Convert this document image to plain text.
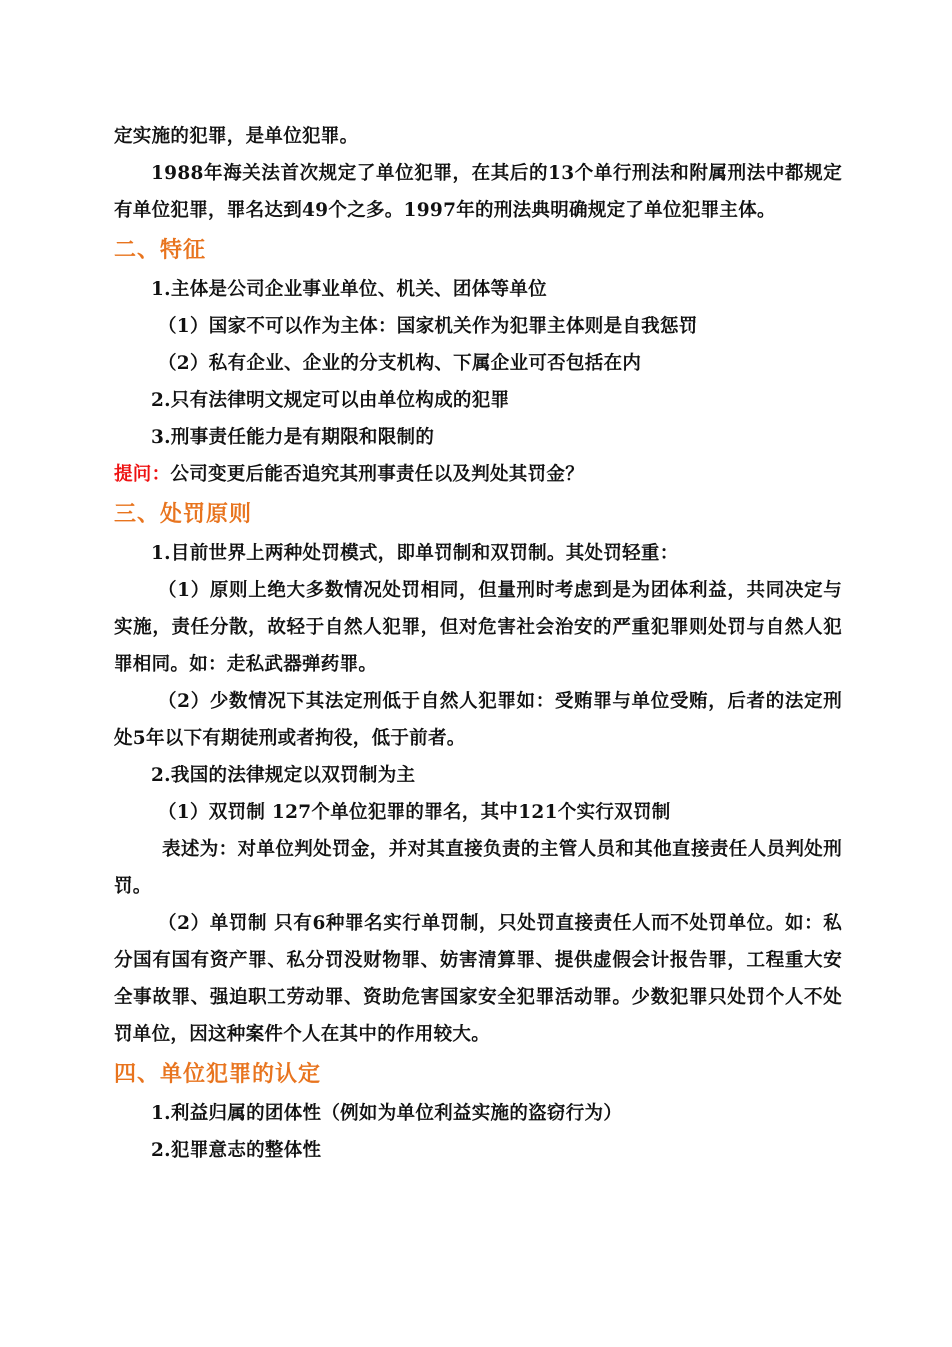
定实施的犯罪，是单位犯罪。
1988年海关法首次规定了单位犯罪，在其后的13个单行刑法和附属刑法中都规定有单位犯罪，罪名达到49个之多。1997年的刑法典明确规定了单位犯罪主体。
二、特征
1.主体是公司企业事业单位、机关、团体等单位
（1）国家不可以作为主体：国家机关作为犯罪主体则是自我惩罚
（2）私有企业、企业的分支机构、下属企业可否包括在内
2.只有法律明文规定可以由单位构成的犯罪
3.刑事责任能力是有期限和限制的
提问：公司变更后能否追究其刑事责任以及判处其罚金？
三、处罚原则
1.目前世界上两种处罚模式，即单罚制和双罚制。其处罚轻重：
（1）原则上绝大多数情况处罚相同，但量刑时考虑到是为团体利益，共同决定与实施，责任分散，故轻于自然人犯罪，但对危害社会治安的严重犯罪则处罚与自然人犯罪相同。如：走私武器弹药罪。
（2）少数情况下其法定刑低于自然人犯罪如：受贿罪与单位受贿，后者的法定刑处5年以下有期徒刑或者拘役，低于前者。
2.我国的法律规定以双罚制为主
（1）双罚制 127个单位犯罪的罪名，其中121个实行双罚制
表述为：对单位判处罚金，并对其直接负责的主管人员和其他直接责任人员判处刑罚。
（2）单罚制 只有6种罪名实行单罚制，只处罚直接责任人而不处罚单位。如：私分国有国有资产罪、私分罚没财物罪、妨害清算罪、提供虚假会计报告罪，工程重大安全事故罪、强迫职工劳动罪、资助危害国家安全犯罪活动罪。少数犯罪只处罚个人不处罚单位，因这种案件个人在其中的作用较大。
四、单位犯罪的认定
1.利益归属的团体性（例如为单位利益实施的盗窃行为）
2.犯罪意志的整体性
